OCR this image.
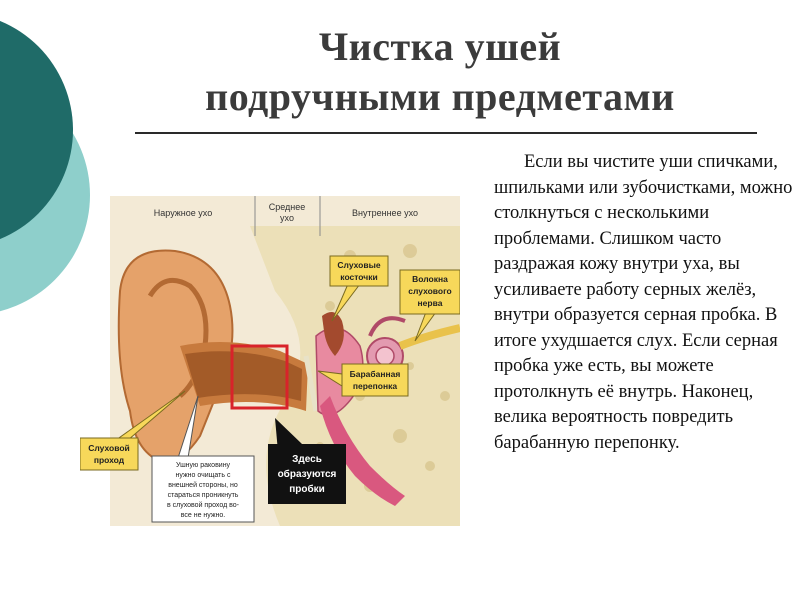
Чистка ушей
подручными предметами
Наружное ухо
Среднее
ухо	Внутреннее ухо
Слуховые
косточки	Волокна
слухового
нерва
Барабанная
перепонка
Слуховой
проход
Ушную раковину
нужно очищать с
внешней стороны, но
стараться проникнуть
в слуховой проход во-
все не нужно.
Здесь
образуются
пробки

Если вы чистите уши спичками, шпильками или зубочистками, можно столкнуться с несколькими проблемами. Слишком часто раздражая кожу внутри уха, вы усиливаете работу серных желёз, внутри образуется серная пробка. В итоге ухудшается слух. Если серная пробка уже есть, вы можете протолкнуть её внутрь. Наконец, велика вероятность повредить барабанную перепонку.
